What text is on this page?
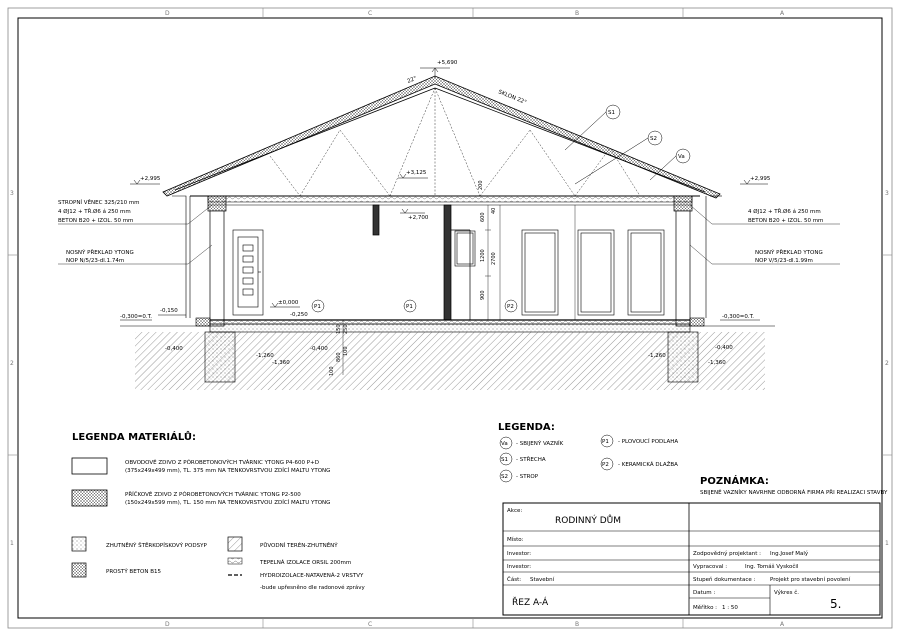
D	C	B	A
D	C	B	A
3
2
1
3
2
1
+5,690
22°
SKLON 22°
S1
S2
Va
+2,995	+2,995
+3,125
+2,700
200
600
40
1200 2700
900
P1	P1	P2
±0,000
-0,250
-0,300=0.T.	-0,300=0.T.
-0,150
-0,400	-0,400
-1,260
-1,360
-0,400
-1,260
-1,360
STROPNÍ VĚNEC 325/210 mm
4 ØJ12 + TŘ.Ø6 á 250 mm
BETON B20 + IZOL. 50 mm
4 ØJ12 + TŘ.Ø6 á 250 mm
BETON B20 + IZOL. 50 mm
NOSNÝ PŘEKLAD YTONG
NOP N/5/23-dl.1.74m
NOSNÝ PŘEKLAD YTONG
NOP V/5/23-dl.1.99m
LEGENDA MATERIÁLŮ:
OBVODOVÉ ZDIVO Z PÓROBETONOVÝCH TVÁRNIC YTONG P4-600 P+D
(375x249x499 mm), TL. 375 mm NA TENKOVRSTVOU ZDÍCÍ MALTU YTONG
PŘÍČKOVÉ ZDIVO Z PÓROBETONOVÝCH TVÁRNIC YTONG P2-500
(150x249x599 mm), TL. 150 mm NA TENKOVRSTVOU ZDÍCÍ MALTU YTONG
ZHUTNĚNÝ ŠTĚRKOPÍSKOVÝ PODSYP
PROSTÝ BETON B15
PŮVODNÍ TERÉN-ZHUTNĚNÝ
TEPELNÁ IZOLACE ORSIL 200mm
HYDROIZOLACE-NATAVENÁ-2 VRSTVY
-bude upřesněno dle radonové zprávy
LEGENDA:
Va - SBIJENÝ VAZNÍK
S1 - STŘECHA
S2 - STROP
P1 - PLOVOUCÍ PODLAHA
P2 - KERAMICKÁ DLAŽBA
POZNÁMKA:
SBIJENÉ VAZNÍKY NAVRHNE ODBORNÁ FIRMA PŘI REALIZACI STAVBY
Akce:
RODINNÝ DŮM
Místo:
Investor:
Investor:
Část: Stavební
ŘEZ A-Á
Zodpovědný projektant : Ing.Josef Malý
Vypracoval :	Ing. Tomáš Vyskočil
Stupeň dokumentace :	Projekt pro stavební povolení
Datum :
Měřítko : 1 : 50
Výkres č.
5.
